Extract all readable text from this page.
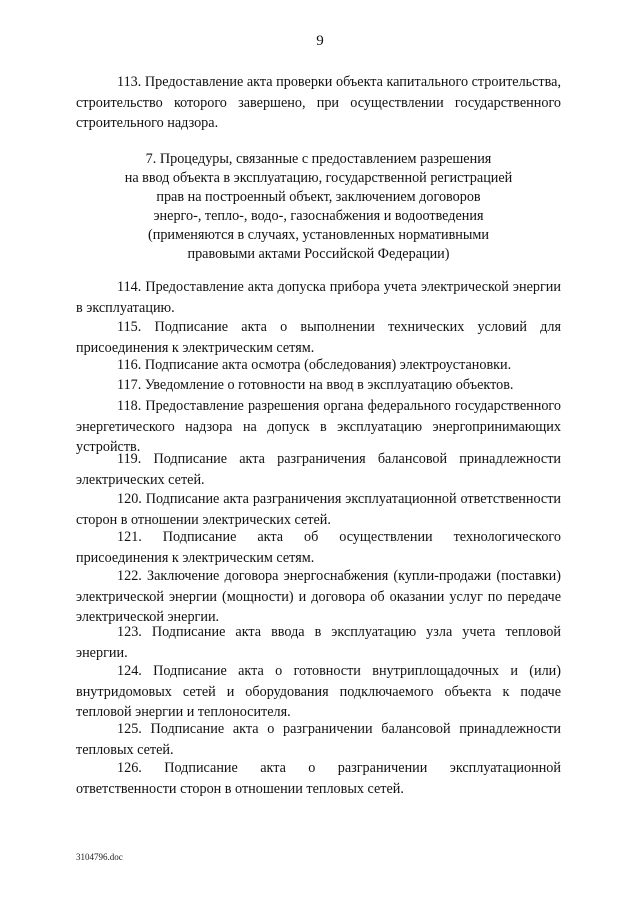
9
113. Предоставление акта проверки объекта капитального строительства, строительство которого завершено, при осуществлении государственного строительного надзора.
7. Процедуры, связанные с предоставлением разрешения
на ввод объекта в эксплуатацию, государственной регистрацией
прав на построенный объект, заключением договоров
энерго-, тепло-, водо-, газоснабжения и водоотведения
(применяются в случаях, установленных нормативными
правовыми актами Российской Федерации)
114. Предоставление акта допуска прибора учета электрической энергии в эксплуатацию.
115. Подписание акта о выполнении технических условий для присоединения к электрическим сетям.
116. Подписание акта осмотра (обследования) электроустановки.
117. Уведомление о готовности на ввод в эксплуатацию объектов.
118. Предоставление разрешения органа федерального государственного энергетического надзора на допуск в эксплуатацию энергопринимающих устройств.
119. Подписание акта разграничения балансовой принадлежности электрических сетей.
120. Подписание акта разграничения эксплуатационной ответственности сторон в отношении электрических сетей.
121. Подписание акта об осуществлении технологического присоединения к электрическим сетям.
122. Заключение договора энергоснабжения (купли-продажи (поставки) электрической энергии (мощности) и договора об оказании услуг по передаче электрической энергии.
123. Подписание акта ввода в эксплуатацию узла учета тепловой энергии.
124. Подписание акта о готовности внутриплощадочных и (или) внутридомовых сетей и оборудования подключаемого объекта к подаче тепловой энергии и теплоносителя.
125. Подписание акта о разграничении балансовой принадлежности тепловых сетей.
126. Подписание акта о разграничении эксплуатационной ответственности сторон в отношении тепловых сетей.
3104796.doc
